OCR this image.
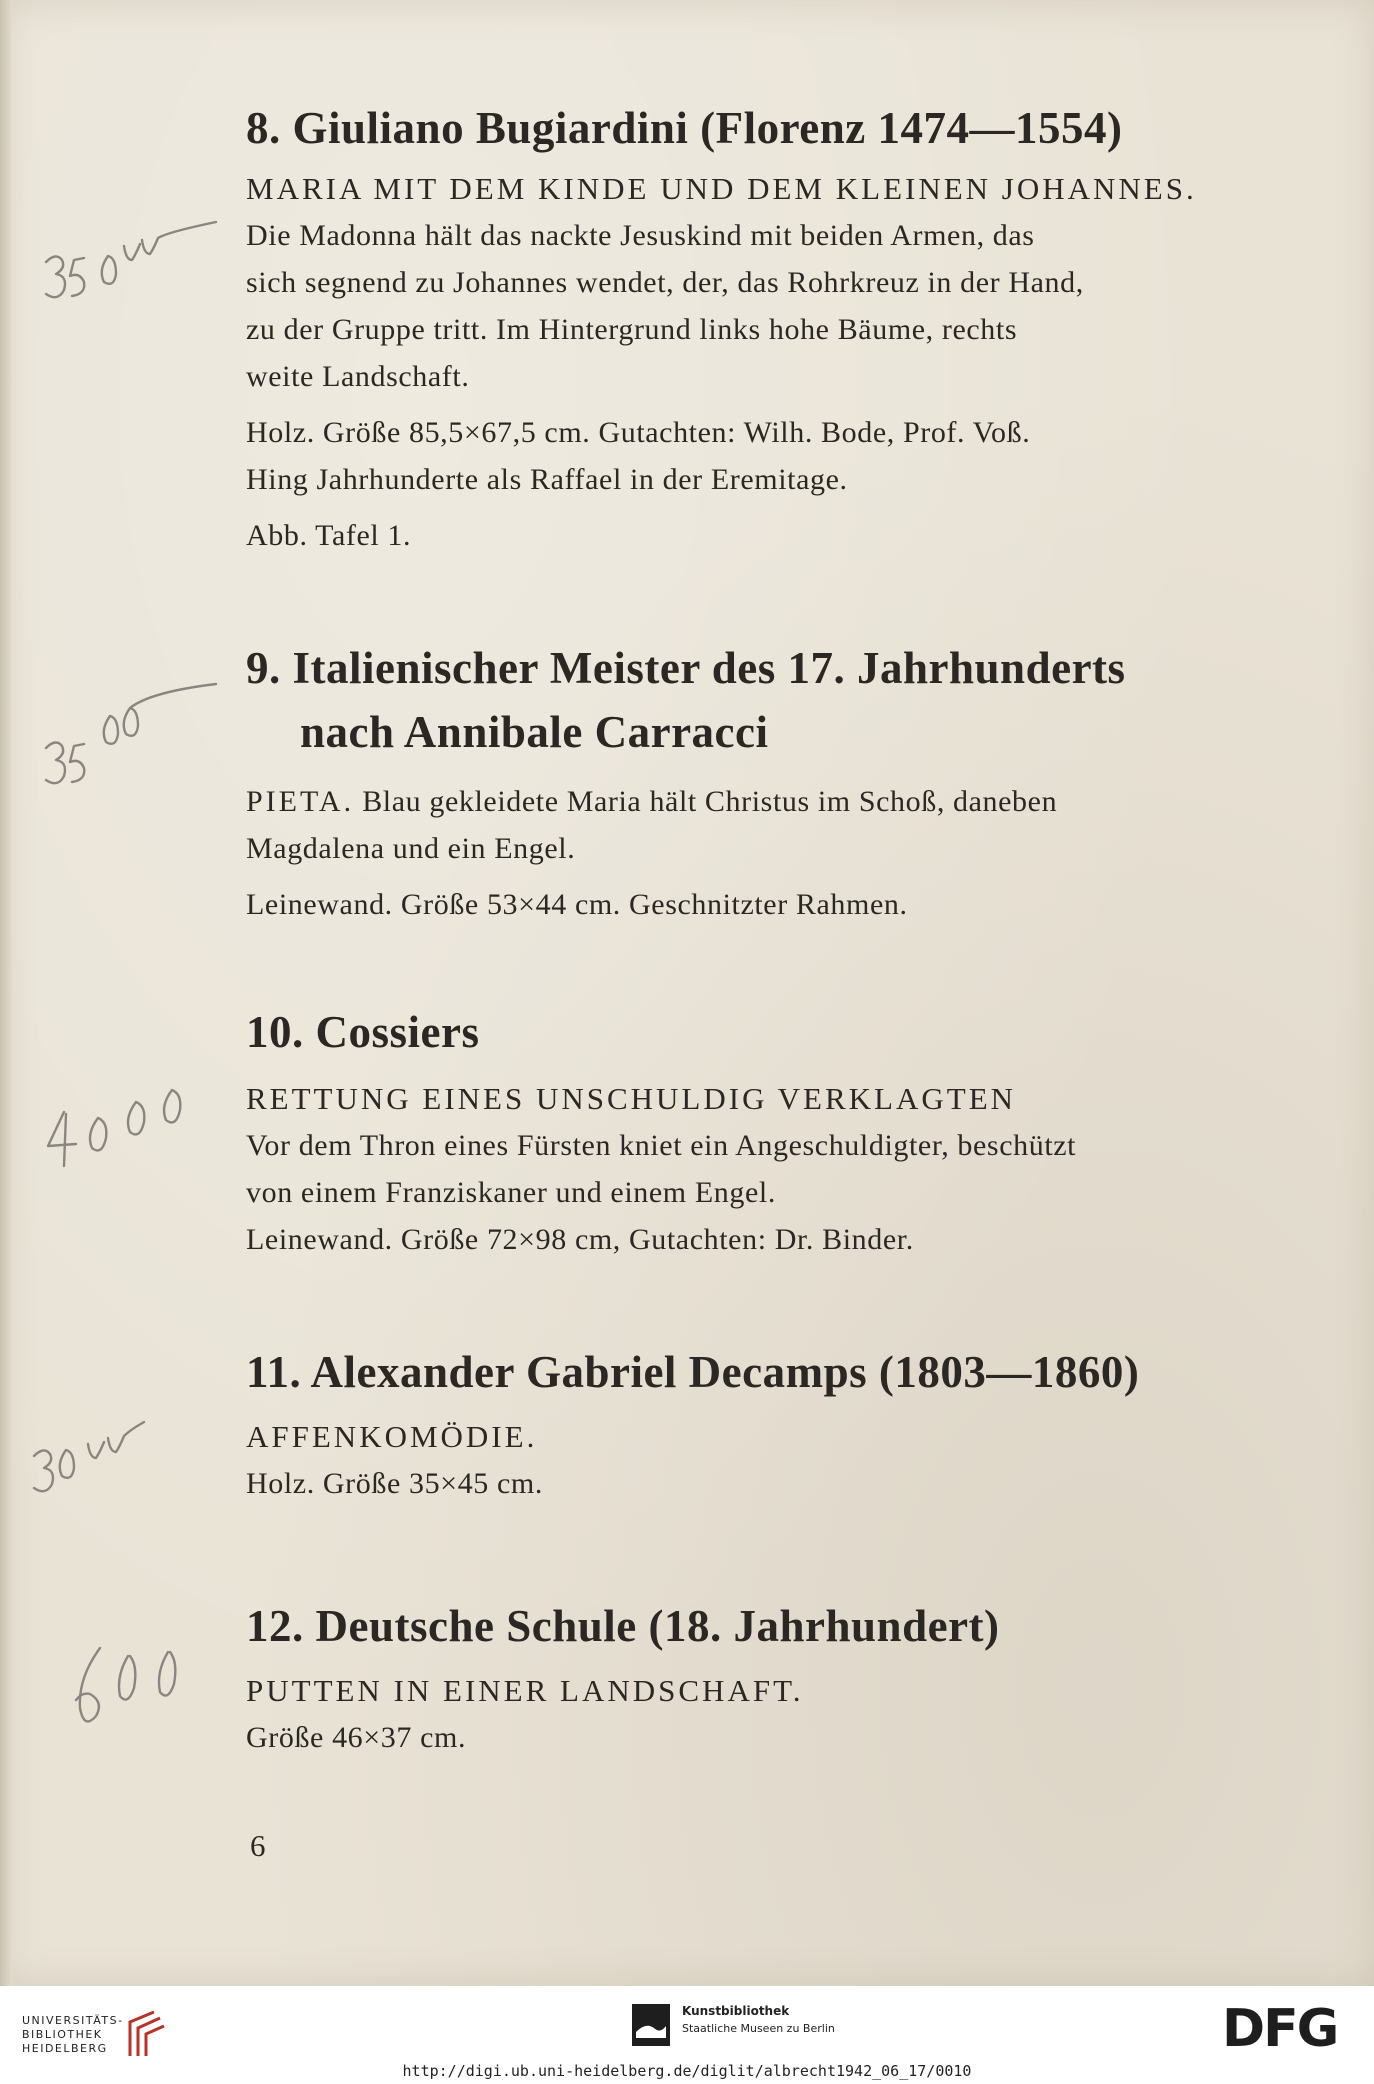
8. Giuliano Bugiardini (Florenz 1474—1554)
MARIA MIT DEM KINDE UND DEM KLEINEN JOHANNES.
Die Madonna hält das nackte Jesuskind mit beiden Armen, das
sich segnend zu Johannes wendet, der, das Rohrkreuz in der Hand,
zu der Gruppe tritt. Im Hintergrund links hohe Bäume, rechts
weite Landschaft.
Holz. Größe 85,5×67,5 cm. Gutachten: Wilh. Bode, Prof. Voß.
Hing Jahrhunderte als Raffael in der Eremitage.
Abb. Tafel 1.
9. Italienischer Meister des 17. Jahrhunderts
nach Annibale Carracci
PIETA. Blau gekleidete Maria hält Christus im Schoß, daneben
Magdalena und ein Engel.
Leinewand. Größe 53×44 cm. Geschnitzter Rahmen.
10. Cossiers
RETTUNG EINES UNSCHULDIG VERKLAGTEN
Vor dem Thron eines Fürsten kniet ein Angeschuldigter, beschützt
von einem Franziskaner und einem Engel.
Leinewand. Größe 72×98 cm, Gutachten: Dr. Binder.
11. Alexander Gabriel Decamps (1803—1860)
AFFENKOMÖDIE.
Holz. Größe 35×45 cm.
12. Deutsche Schule (18. Jahrhundert)
PUTTEN IN EINER LANDSCHAFT.
Größe 46×37 cm.
6
UNIVERSITÄTS-
BIBLIOTHEK
HEIDELBERG
Kunstbibliothek
Staatliche Museen zu Berlin	DFG
http://digi.ub.uni-heidelberg.de/diglit/albrecht1942_06_17/0010
